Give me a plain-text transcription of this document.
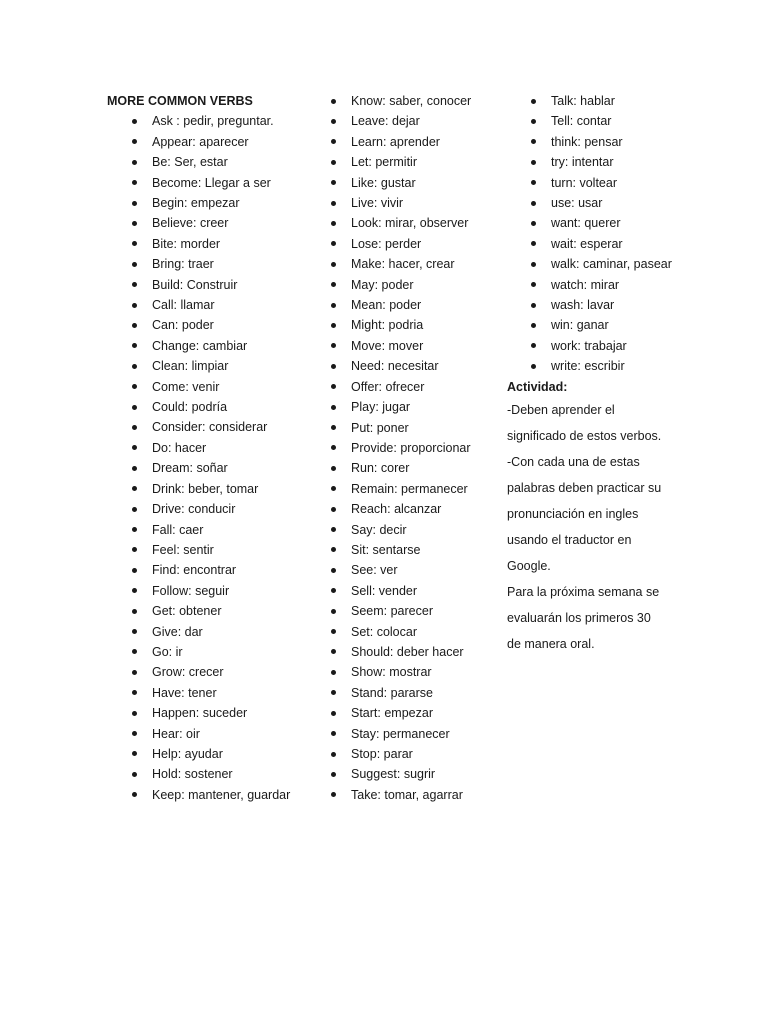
MORE COMMON VERBS
Ask : pedir, preguntar.
Appear: aparecer
Be: Ser, estar
Become: Llegar a ser
Begin: empezar
Believe: creer
Bite: morder
Bring: traer
Build: Construir
Call: llamar
Can: poder
Change: cambiar
Clean: limpiar
Come: venir
Could: podría
Consider: considerar
Do: hacer
Dream: soñar
Drink: beber, tomar
Drive: conducir
Fall: caer
Feel: sentir
Find: encontrar
Follow: seguir
Get: obtener
Give: dar
Go: ir
Grow: crecer
Have: tener
Happen: suceder
Hear: oir
Help: ayudar
Hold: sostener
Keep: mantener, guardar
Know: saber, conocer
Leave: dejar
Learn: aprender
Let: permitir
Like: gustar
Live: vivir
Look: mirar, observer
Lose: perder
Make: hacer, crear
May: poder
Mean: poder
Might: podria
Move: mover
Need: necesitar
Offer: ofrecer
Play: jugar
Put: poner
Provide: proporcionar
Run: corer
Remain: permanecer
Reach: alcanzar
Say: decir
Sit: sentarse
See: ver
Sell: vender
Seem: parecer
Set: colocar
Should: deber hacer
Show: mostrar
Stand: pararse
Start: empezar
Stay: permanecer
Stop: parar
Suggest: sugrir
Take: tomar, agarrar
Talk: hablar
Tell: contar
think: pensar
try: intentar
turn: voltear
use: usar
want: querer
wait: esperar
walk: caminar, pasear
watch: mirar
wash: lavar
win: ganar
work: trabajar
write: escribir
Actividad:
-Deben aprender el
significado de estos verbos.
-Con cada una de estas
palabras deben practicar su
pronunciación en ingles
usando el traductor en
Google.
Para la próxima semana se
evaluarán los primeros 30
de manera oral.
